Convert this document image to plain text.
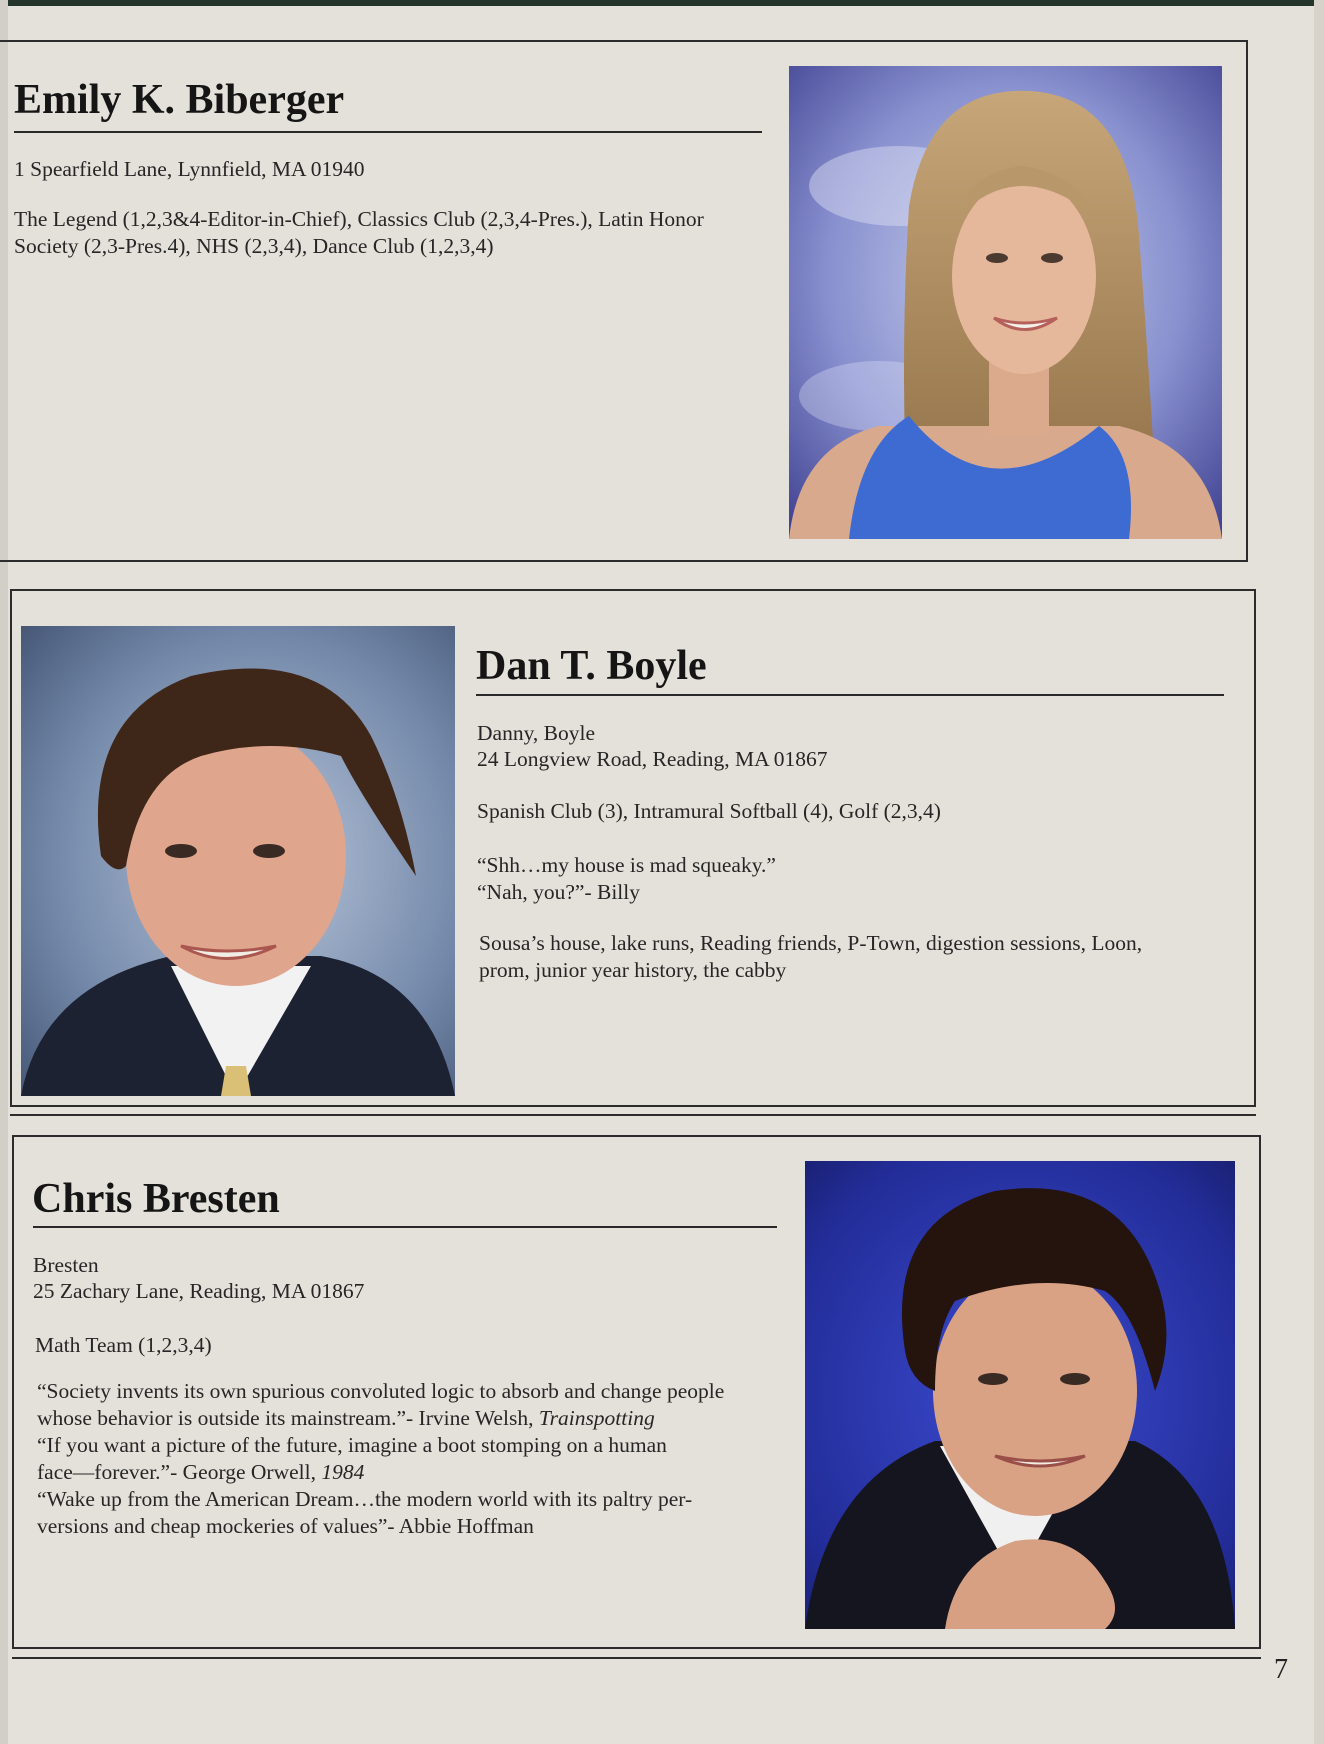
Emily K. Biberger
1 Spearfield Lane, Lynnfield, MA 01940
The Legend (1,2,3&4-Editor-in-Chief), Classics Club (2,3,4-Pres.), Latin Honor
Society (2,3-Pres.4), NHS (2,3,4), Dance Club (1,2,3,4)
Dan T. Boyle
Danny, Boyle
24 Longview Road, Reading, MA 01867
Spanish Club (3), Intramural Softball (4), Golf (2,3,4)
“Shh…my house is mad squeaky.”
“Nah, you?”- Billy
Sousa’s house, lake runs, Reading friends, P-Town, digestion sessions, Loon,
prom, junior year history, the cabby
Chris Bresten
Bresten
25 Zachary Lane, Reading, MA 01867
Math Team (1,2,3,4)
“Society invents its own spurious convoluted logic to absorb and change people
whose behavior is outside its mainstream.”- Irvine Welsh, Trainspotting
“If you want a picture of the future, imagine a boot stomping on a human
face—forever.”- George Orwell, 1984
“Wake up from the American Dream…the modern world with its paltry per-
versions and cheap mockeries of values”- Abbie Hoffman
7
